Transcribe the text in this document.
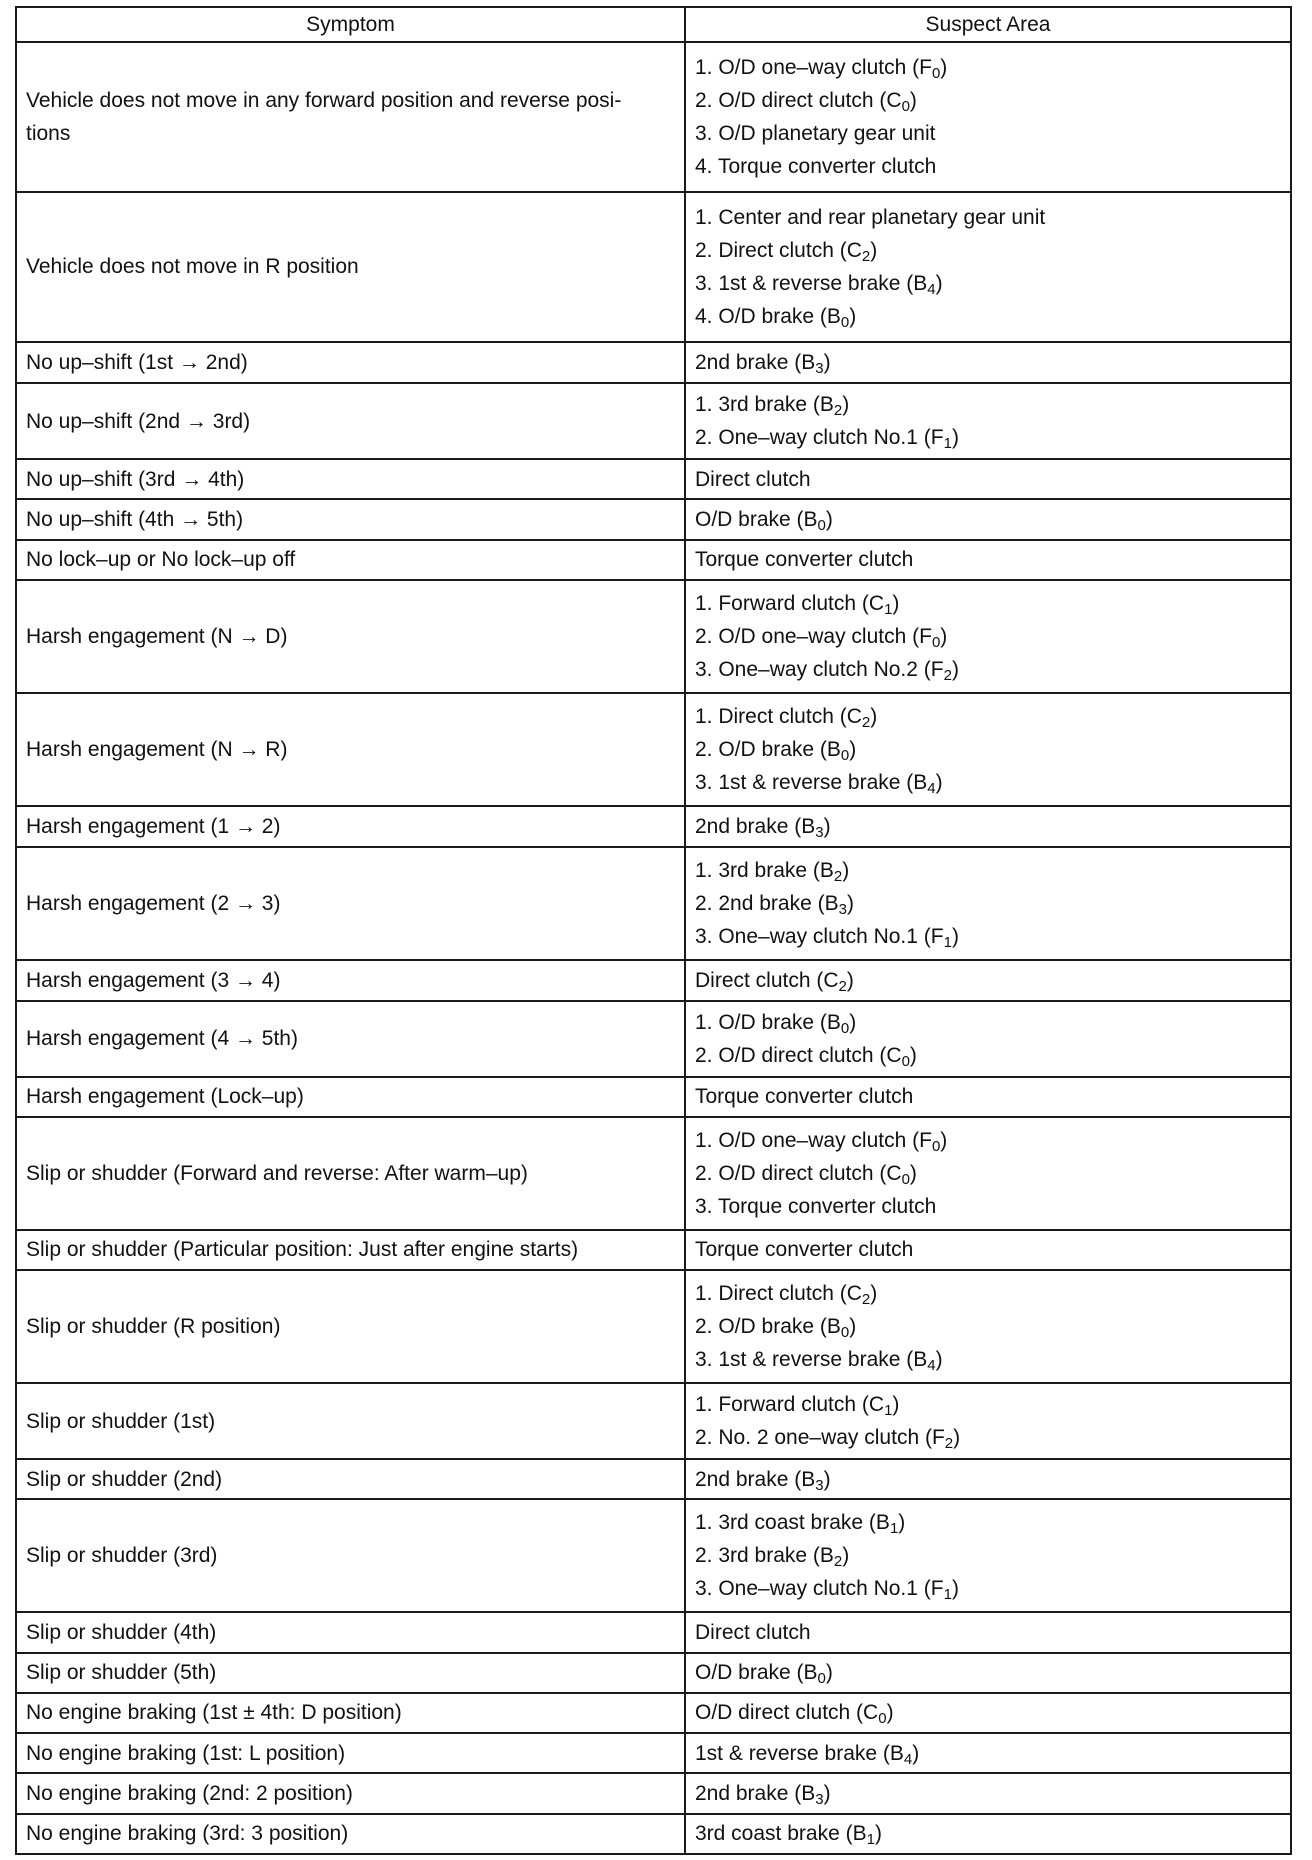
Symptom	Suspect Area
Vehicle does not move in any forward position and reverse posi-
tions	1. O/D one–way clutch $(F_0)$
2. O/D direct clutch $(C_0)$
3. O/D planetary gear unit
4. Torque converter clutch

Vehicle does not move in R position	1. Center and rear planetary gear unit
2. Direct clutch $(C_2)$
3. 1st & reverse brake $(B_4)$
4. O/D brake $(B_0)$

No up–shift (1st → 2nd)	2nd brake $(B_3)$

No up–shift (2nd → 3rd)	1. 3rd brake $(B_2)$
2. One–way clutch No.1 $(F_1)$

No up–shift (3rd → 4th)	Direct clutch

No up–shift (4th → 5th)	O/D brake $(B_0)$

No lock–up or No lock–up off	Torque converter clutch

Harsh engagement (N → D)	1. Forward clutch $(C_1)$
2. O/D one–way clutch $(F_0)$
3. One–way clutch No.2 $(F_2)$

Harsh engagement (N → R)	1. Direct clutch $(C_2)$
2. O/D brake $(B_0)$
3. 1st & reverse brake $(B_4)$

Harsh engagement (1 → 2)	2nd brake $(B_3)$

Harsh engagement (2 → 3)	1. 3rd brake $(B_2)$
2. 2nd brake $(B_3)$
3. One–way clutch No.1 $(F_1)$

Harsh engagement (3 → 4)	Direct clutch $(C_2)$

Harsh engagement (4 → 5th)	1. O/D brake $(B_0)$
2. O/D direct clutch $(C_0)$

Harsh engagement (Lock–up)	Torque converter clutch

Slip or shudder (Forward and reverse: After warm–up)	1. O/D one–way clutch $(F_0)$
2. O/D direct clutch $(C_0)$
3. Torque converter clutch

Slip or shudder (Particular position: Just after engine starts)	Torque converter clutch

Slip or shudder (R position)	1. Direct clutch $(C_2)$
2. O/D brake $(B_0)$
3. 1st & reverse brake $(B_4)$

Slip or shudder (1st)	1. Forward clutch $(C_1)$
2. No. 2 one–way clutch $(F_2)$

Slip or shudder (2nd)	2nd brake $(B_3)$

Slip or shudder (3rd)	1. 3rd coast brake $(B_1)$
2. 3rd brake $(B_2)$
3. One–way clutch No.1 $(F_1)$

Slip or shudder (4th)	Direct clutch

Slip or shudder (5th)	O/D brake $(B_0)$

No engine braking (1st ± 4th: D position)	O/D direct clutch $(C_0)$

No engine braking (1st: L position)	1st & reverse brake $(B_4)$

No engine braking (2nd: 2 position)	2nd brake $(B_3)$

No engine braking (3rd: 3 position)	3rd coast brake $(B_1)$
